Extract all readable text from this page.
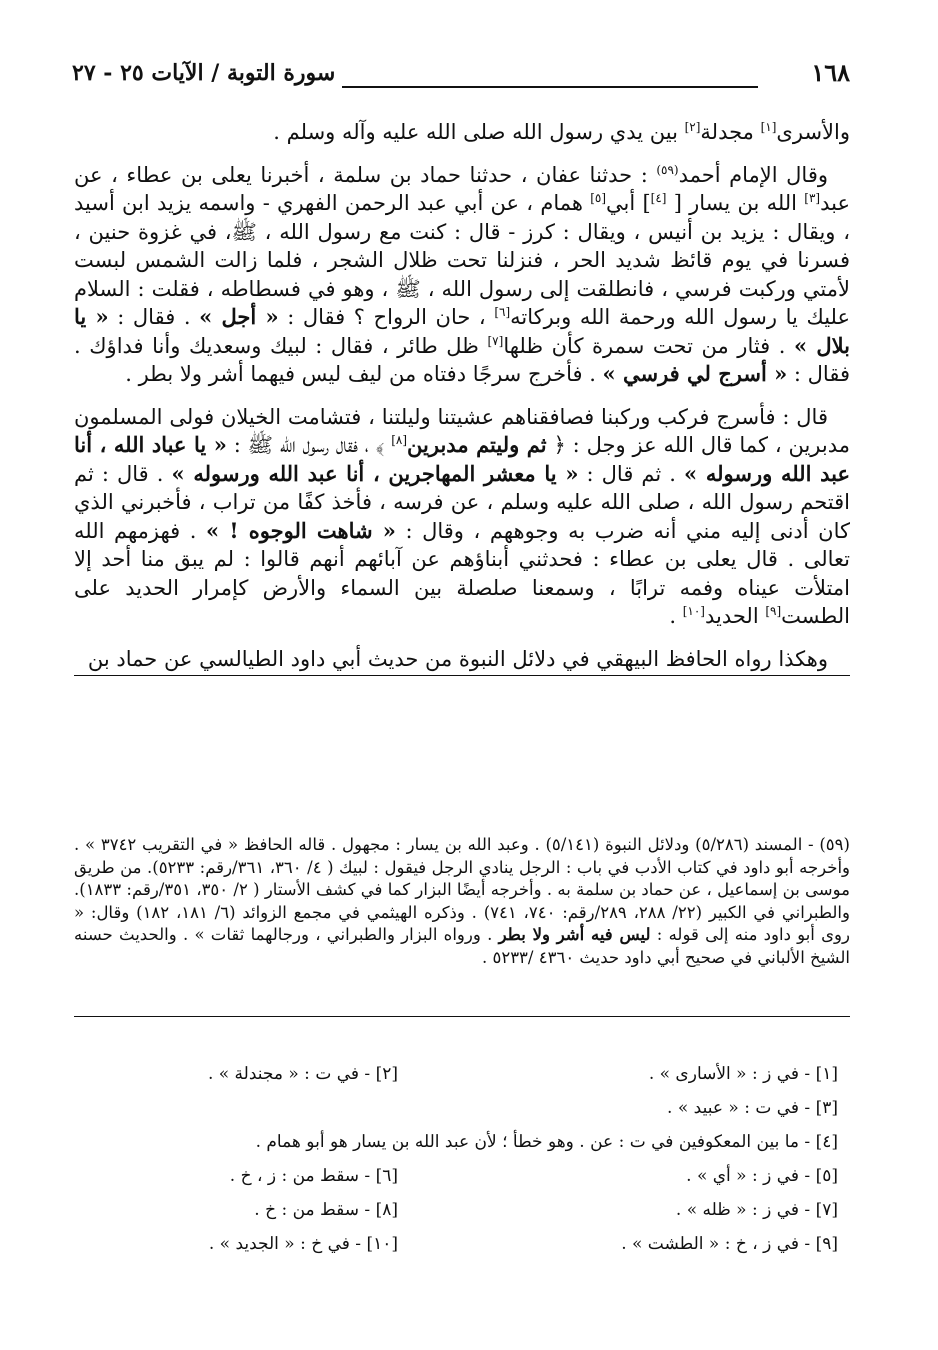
١٦٨
سورة التوبة / الآيات ٢٥ - ٢٧

والأسرى[١] مجدلة[٢] بين يدي رسول الله صلى الله عليه وآله وسلم .

وقال الإمام أحمد$^{(٥٩)}$ : حدثنا عفان ، حدثنا حماد بن سلمة ، أخبرنا يعلى بن عطاء ، عن عبد[٣] الله بن يسار [ [٤]] أبي[٥] همام ، عن أبي عبد الرحمن الفهري - واسمه يزيد ابن أسيد ، ويقال : يزيد بن أنيس ، ويقال : كرز - قال : كنت مع رسول الله ، ﷺ، في غزوة حنين ، فسرنا في يوم قائظ شديد الحر ، فنزلنا تحت ظلال الشجر ، فلما زالت الشمس لبست لأمتي وركبت فرسي ، فانطلقت إلى رسول الله ، ﷺ ، وهو في فسطاطه ، فقلت : السلام عليك يا رسول الله ورحمة الله وبركاته[٦] ، حان الرواح ؟ فقال : « أجل » . فقال : « يا بلال » . فثار من تحت سمرة كأن ظلها[٧] ظل طائر ، فقال : لبيك وسعديك وأنا فداؤك . فقال : « أسرج لي فرسي » . فأخرج سرجًا دفتاه من ليف ليس فيهما أشر ولا بطر .

قال : فأسرج فركب وركبنا فصافقناهم عشيتنا وليلتنا ، فتشامت الخيلان فولى المسلمون مدبرين ، كما قال الله عز وجل : ﴿ ثم وليتم مدبرين[٨] ﴾ ، فقال رسول الله ﷺ : « يا عباد الله ، أنا عبد الله ورسوله » . ثم قال : « يا معشر المهاجرين ، أنا عبد الله ورسوله » . قال : ثم اقتحم رسول الله ، صلى الله عليه وسلم ، عن فرسه ، فأخذ كفًا من تراب ، فأخبرني الذي كان أدنى إليه مني أنه ضرب به وجوههم ، وقال : « شاهت الوجوه ! » . فهزمهم الله تعالى . قال يعلى بن عطاء : فحدثني أبناؤهم عن آبائهم أنهم قالوا : لم يبق منا أحد إلا امتلأت عيناه وفمه ترابًا ، وسمعنا صلصلة بين السماء والأرض كإمرار الحديد على الطست[٩] الحديد[١٠] .

وهكذا رواه الحافظ البيهقي في دلائل النبوة من حديث أبي داود الطيالسي عن حماد بن

(٥٩) - المسند (٥/٢٨٦) ودلائل النبوة (٥/١٤١) . وعبد الله بن يسار : مجهول . قاله الحافظ « في التقريب ٣٧٤٢ » . وأخرجه أبو داود في كتاب الأدب في باب : الرجل ينادي الرجل فيقول : لبيك ( ٤/ ٣٦٠، ٣٦١/رقم: ٥٢٣٣). من طريق موسى بن إسماعيل ، عن حماد بن سلمة به . وأخرجه أيضًا البزار كما في كشف الأستار ( ٢/ ٣٥٠، ٣٥١/رقم: ١٨٣٣). والطبراني في الكبير (٢٢/ ٢٨٨، ٢٨٩/رقم: ٧٤٠، ٧٤١) . وذكره الهيثمي في مجمع الزوائد (٦/ ١٨١، ١٨٢) وقال: « روى أبو داود منه إلى قوله : ليس فيه أشر ولا بطر . ورواه البزار والطبراني ، ورجالهما ثقات » . والحديث حسنه الشيخ الألباني في صحيح أبي داود حديث ٤٣٦٠ /٥٢٣٣ .
[١] - في ز : « الأسارى » .
[٢] - في ت : « مجندلة » .
[٣] - في ت : « عبيد » .
[٤] - ما بين المعكوفين في ت : عن . وهو خطأ ؛ لأن عبد الله بن يسار هو أبو همام .
[٥] - في ز : « أي » .
[٦] - سقط من : ز ، خ .
[٧] - في ز : « ظله » .
[٨] - سقط من : خ .
[٩] - في ز ، خ : « الطشت » .
[١٠] - في خ : « الجديد » .
